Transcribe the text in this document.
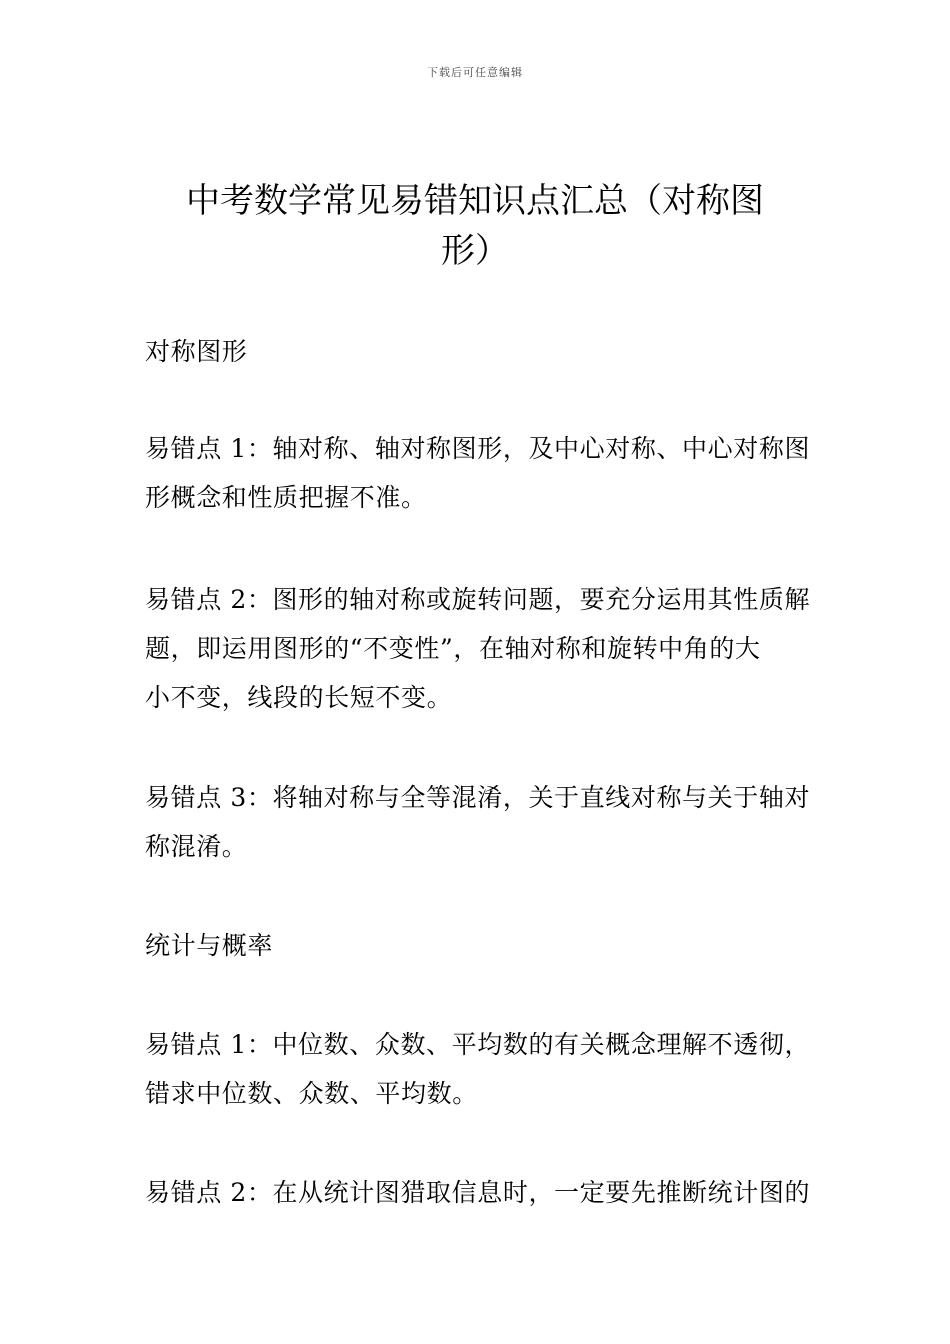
下载后可任意编辑
中考数学常见易错知识点汇总（对称图
形）

对称图形

易错点 1：轴对称、轴对称图形，及中心对称、中心对称图
形概念和性质把握不准。

易错点 2：图形的轴对称或旋转问题，要充分运用其性质解
题，即运用图形的“不变性”，在轴对称和旋转中角的大
小不变，线段的长短不变。

易错点 3：将轴对称与全等混淆，关于直线对称与关于轴对
称混淆。

统计与概率

易错点 1：中位数、众数、平均数的有关概念理解不透彻，
错求中位数、众数、平均数。

易错点 2：在从统计图猎取信息时，一定要先推断统计图的
